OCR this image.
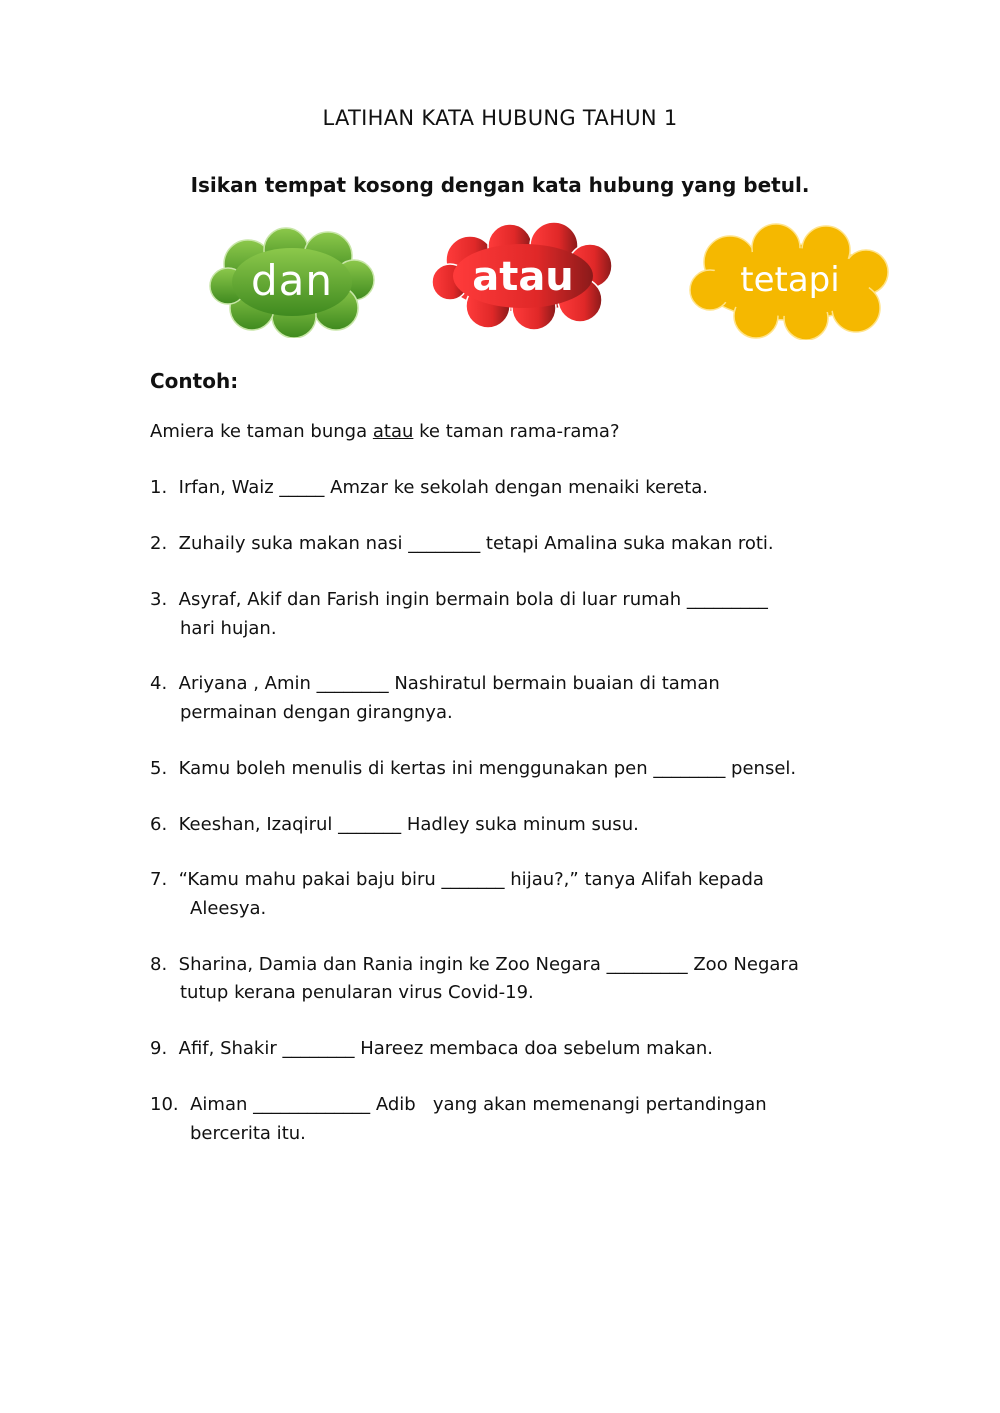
LATIHAN KATA HUBUNG TAHUN 1
Isikan tempat kosong dengan kata hubung yang betul.
dan	atau	tetapi
Contoh:
Amiera ke taman bunga atau ke taman rama-rama?
1. Irfan, Waiz _____ Amzar ke sekolah dengan menaiki kereta.
2. Zuhaily suka makan nasi ________ tetapi Amalina suka makan roti.
3. Asyraf, Akif dan Farish ingin bermain bola di luar rumah _________
hari hujan.
4. Ariyana , Amin ________ Nashiratul bermain buaian di taman
permainan dengan girangnya.
5. Kamu boleh menulis di kertas ini menggunakan pen ________ pensel.
6. Keeshan, Izaqirul _______ Hadley suka minum susu.
7. “Kamu mahu pakai baju biru _______ hijau?,” tanya Alifah kepada
Aleesya.
8. Sharina, Damia dan Rania ingin ke Zoo Negara _________ Zoo Negara
tutup kerana penularan virus Covid-19.
9. Afif, Shakir ________ Hareez membaca doa sebelum makan.
10. Aiman _____________ Adib   yang akan memenangi pertandingan
bercerita itu.
